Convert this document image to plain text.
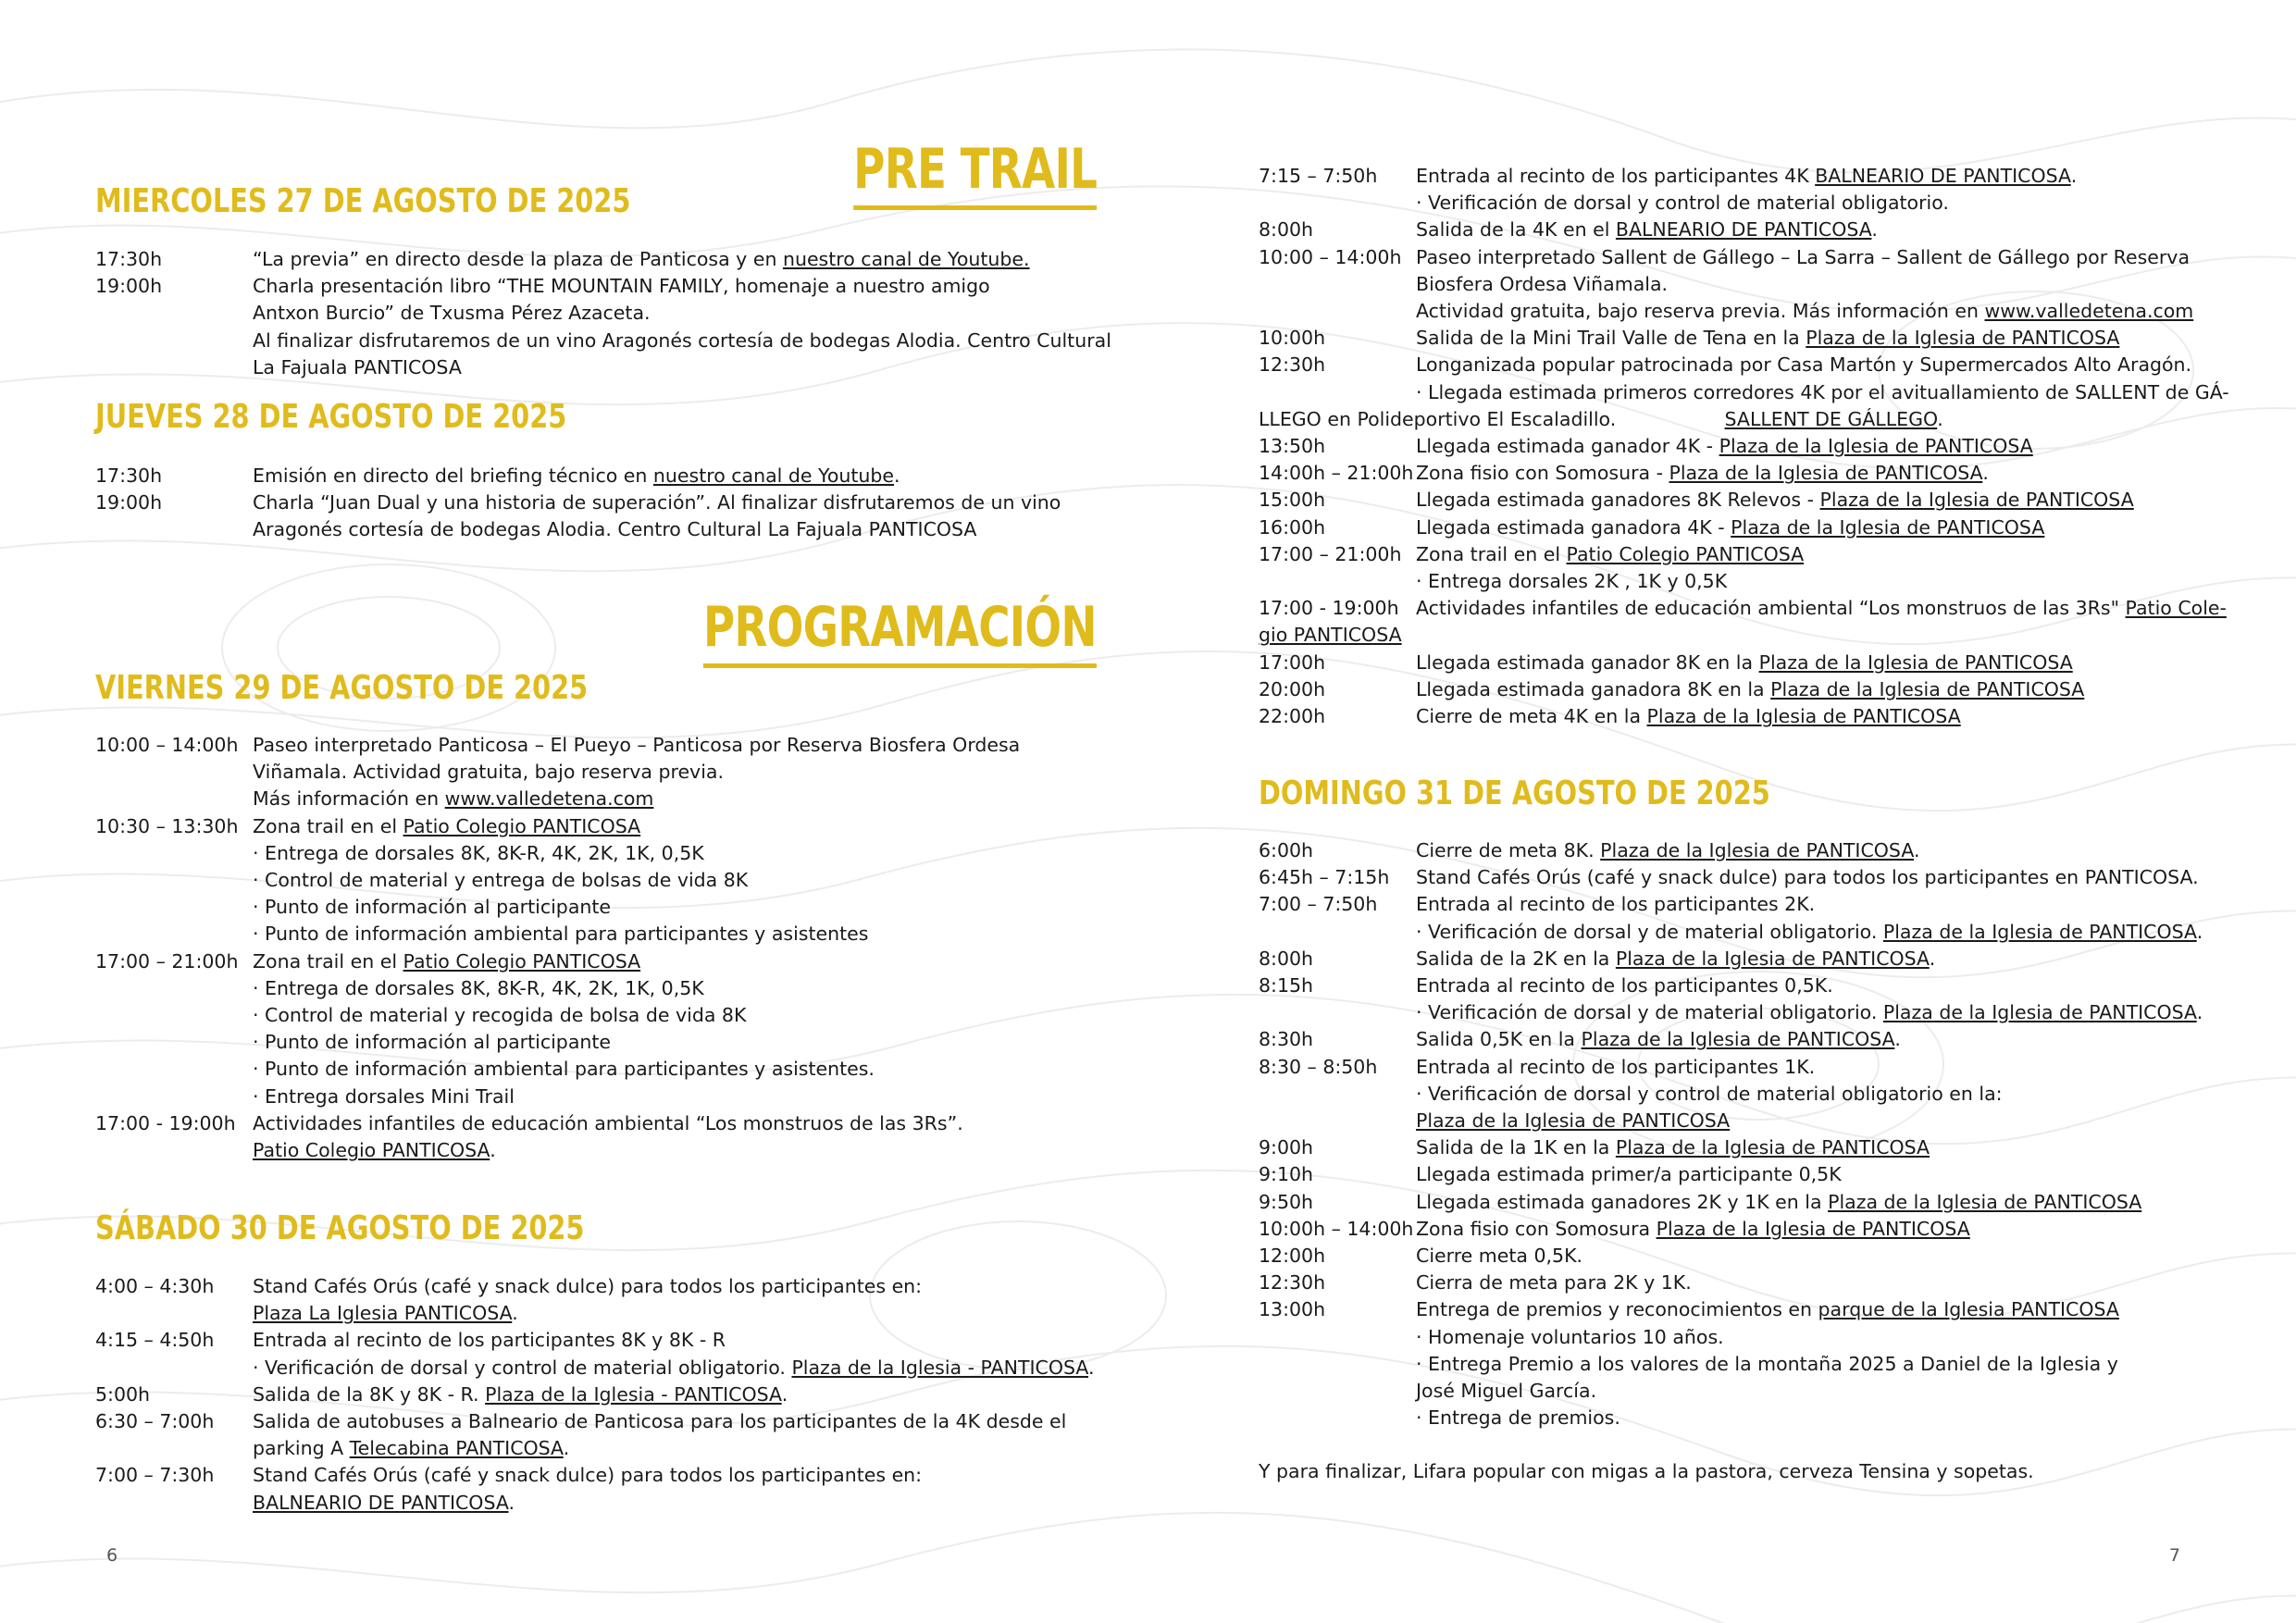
PRE TRAIL
MIERCOLES 27 DE AGOSTO DE 2025
17:30h	“La previa” en directo desde la plaza de Panticosa y en nuestro canal de Youtube.
19:00h	Charla presentación libro “THE MOUNTAIN FAMILY, homenaje a nuestro amigo
Antxon Burcio” de Txusma Pérez Azaceta.
Al finalizar disfrutaremos de un vino Aragonés cortesía de bodegas Alodia. Centro Cultural
La Fajuala PANTICOSA
JUEVES 28 DE AGOSTO DE 2025
17:30h	Emisión en directo del briefing técnico en nuestro canal de Youtube.
19:00h	Charla “Juan Dual y una historia de superación”. Al finalizar disfrutaremos de un vino
Aragonés cortesía de bodegas Alodia. Centro Cultural La Fajuala PANTICOSA
PROGRAMACIÓN
VIERNES 29 DE AGOSTO DE 2025
10:00 – 14:00h Paseo interpretado Panticosa – El Pueyo – Panticosa por Reserva Biosfera Ordesa
Viñamala. Actividad gratuita, bajo reserva previa.
Más información en www.valledetena.com
10:30 – 13:30h Zona trail en el Patio Colegio PANTICOSA
· Entrega de dorsales 8K, 8K-R, 4K, 2K, 1K, 0,5K
· Control de material y entrega de bolsas de vida 8K
· Punto de información al participante
· Punto de información ambiental para participantes y asistentes
17:00 – 21:00h Zona trail en el Patio Colegio PANTICOSA
· Entrega de dorsales 8K, 8K-R, 4K, 2K, 1K, 0,5K
· Control de material y recogida de bolsa de vida 8K
· Punto de información al participante
· Punto de información ambiental para participantes y asistentes.
· Entrega dorsales Mini Trail
17:00 - 19:00h Actividades infantiles de educación ambiental “Los monstruos de las 3Rs”.
Patio Colegio PANTICOSA.
SÁBADO 30 DE AGOSTO DE 2025
4:00 – 4:30h Stand Cafés Orús (café y snack dulce) para todos los participantes en:
Plaza La Iglesia PANTICOSA.
4:15 – 4:50h Entrada al recinto de los participantes 8K y 8K - R
· Verificación de dorsal y control de material obligatorio. Plaza de la Iglesia - PANTICOSA.
5:00h	Salida de la 8K y 8K - R. Plaza de la Iglesia - PANTICOSA.
6:30 – 7:00h Salida de autobuses a Balneario de Panticosa para los participantes de la 4K desde el
parking A Telecabina PANTICOSA.
7:00 – 7:30h Stand Cafés Orús (café y snack dulce) para todos los participantes en:
BALNEARIO DE PANTICOSA.
6
7:15 – 7:50h Entrada al recinto de los participantes 4K BALNEARIO DE PANTICOSA.
· Verificación de dorsal y control de material obligatorio.
8:00h	Salida de la 4K en el BALNEARIO DE PANTICOSA.
10:00 – 14:00h Paseo interpretado Sallent de Gállego – La Sarra – Sallent de Gállego por Reserva
Biosfera Ordesa Viñamala.
Actividad gratuita, bajo reserva previa. Más información en www.valledetena.com
10:00h	Salida de la Mini Trail Valle de Tena en la Plaza de la Iglesia de PANTICOSA
12:30h	Longanizada popular patrocinada por Casa Martón y Supermercados Alto Aragón.
· Llegada estimada primeros corredores 4K por el avituallamiento de SALLENT de GÁ-
LLEGO en Polideportivo El Escaladillo.                  SALLENT DE GÁLLEGO.
13:50h	Llegada estimada ganador 4K - Plaza de la Iglesia de PANTICOSA
14:00h – 21:00h Zona fisio con Somosura - Plaza de la Iglesia de PANTICOSA.
15:00h	Llegada estimada ganadores 8K Relevos - Plaza de la Iglesia de PANTICOSA
16:00h	Llegada estimada ganadora 4K - Plaza de la Iglesia de PANTICOSA
17:00 – 21:00h Zona trail en el Patio Colegio PANTICOSA
· Entrega dorsales 2K , 1K y 0,5K
17:00 - 19:00h Actividades infantiles de educación ambiental “Los monstruos de las 3Rs" Patio Cole-
gio PANTICOSA
17:00h	Llegada estimada ganador 8K en la Plaza de la Iglesia de PANTICOSA
20:00h	Llegada estimada ganadora 8K en la Plaza de la Iglesia de PANTICOSA
22:00h	Cierre de meta 4K en la Plaza de la Iglesia de PANTICOSA
DOMINGO 31 DE AGOSTO DE 2025
6:00h	Cierre de meta 8K. Plaza de la Iglesia de PANTICOSA.
6:45h – 7:15h Stand Cafés Orús (café y snack dulce) para todos los participantes en PANTICOSA.
7:00 – 7:50h Entrada al recinto de los participantes 2K.
· Verificación de dorsal y de material obligatorio. Plaza de la Iglesia de PANTICOSA.
8:00h	Salida de la 2K en la Plaza de la Iglesia de PANTICOSA.
8:15h	Entrada al recinto de los participantes 0,5K.
· Verificación de dorsal y de material obligatorio. Plaza de la Iglesia de PANTICOSA.
8:30h	Salida 0,5K en la Plaza de la Iglesia de PANTICOSA.
8:30 – 8:50h Entrada al recinto de los participantes 1K.
· Verificación de dorsal y control de material obligatorio en la:
Plaza de la Iglesia de PANTICOSA
9:00h	Salida de la 1K en la Plaza de la Iglesia de PANTICOSA
9:10h	Llegada estimada primer/a participante 0,5K
9:50h	Llegada estimada ganadores 2K y 1K en la Plaza de la Iglesia de PANTICOSA
10:00h – 14:00h Zona fisio con Somosura Plaza de la Iglesia de PANTICOSA
12:00h	Cierre meta 0,5K.
12:30h	Cierra de meta para 2K y 1K.
13:00h	Entrega de premios y reconocimientos en parque de la Iglesia PANTICOSA
· Homenaje voluntarios 10 años.
· Entrega Premio a los valores de la montaña 2025 a Daniel de la Iglesia y
José Miguel García.
· Entrega de premios.
Y para finalizar, Lifara popular con migas a la pastora, cerveza Tensina y sopetas.
7
